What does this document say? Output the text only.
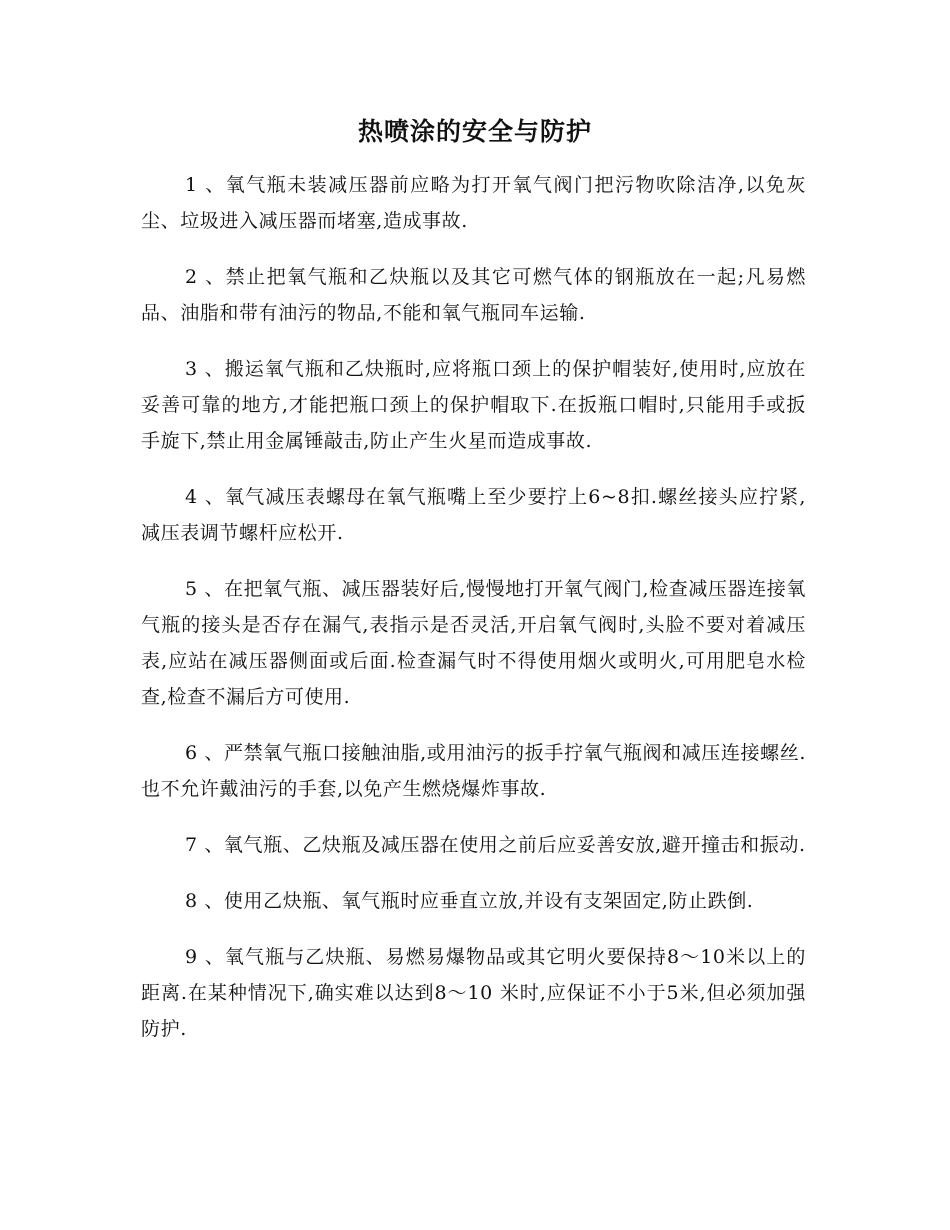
热喷涂的安全与防护

1 、氧气瓶未装减压器前应略为打开氧气阀门把污物吹除洁净,以免灰尘、垃圾进入减压器而堵塞,造成事故.

2 、禁止把氧气瓶和乙炔瓶以及其它可燃气体的钢瓶放在一起;凡易燃品、油脂和带有油污的物品,不能和氧气瓶同车运输.

3 、搬运氧气瓶和乙炔瓶时,应将瓶口颈上的保护帽装好,使用时,应放在妥善可靠的地方,才能把瓶口颈上的保护帽取下.在扳瓶口帽时,只能用手或扳手旋下,禁止用金属锤敲击,防止产生火星而造成事故.

4 、氧气减压表螺母在氧气瓶嘴上至少要拧上6~8扣.螺丝接头应拧紧,减压表调节螺杆应松开.

5 、在把氧气瓶、减压器装好后,慢慢地打开氧气阀门,检查减压器连接氧气瓶的接头是否存在漏气,表指示是否灵活,开启氧气阀时,头脸不要对着减压表,应站在减压器侧面或后面.检查漏气时不得使用烟火或明火,可用肥皂水检查,检查不漏后方可使用.

6 、严禁氧气瓶口接触油脂,或用油污的扳手拧氧气瓶阀和减压连接螺丝.也不允许戴油污的手套,以免产生燃烧爆炸事故.

7 、氧气瓶、乙炔瓶及减压器在使用之前后应妥善安放,避开撞击和振动.

8 、使用乙炔瓶、氧气瓶时应垂直立放,并设有支架固定,防止跌倒.

9 、氧气瓶与乙炔瓶、易燃易爆物品或其它明火要保持8～10米以上的距离.在某种情况下,确实难以达到8～10 米时,应保证不小于5米,但必须加强防护.
